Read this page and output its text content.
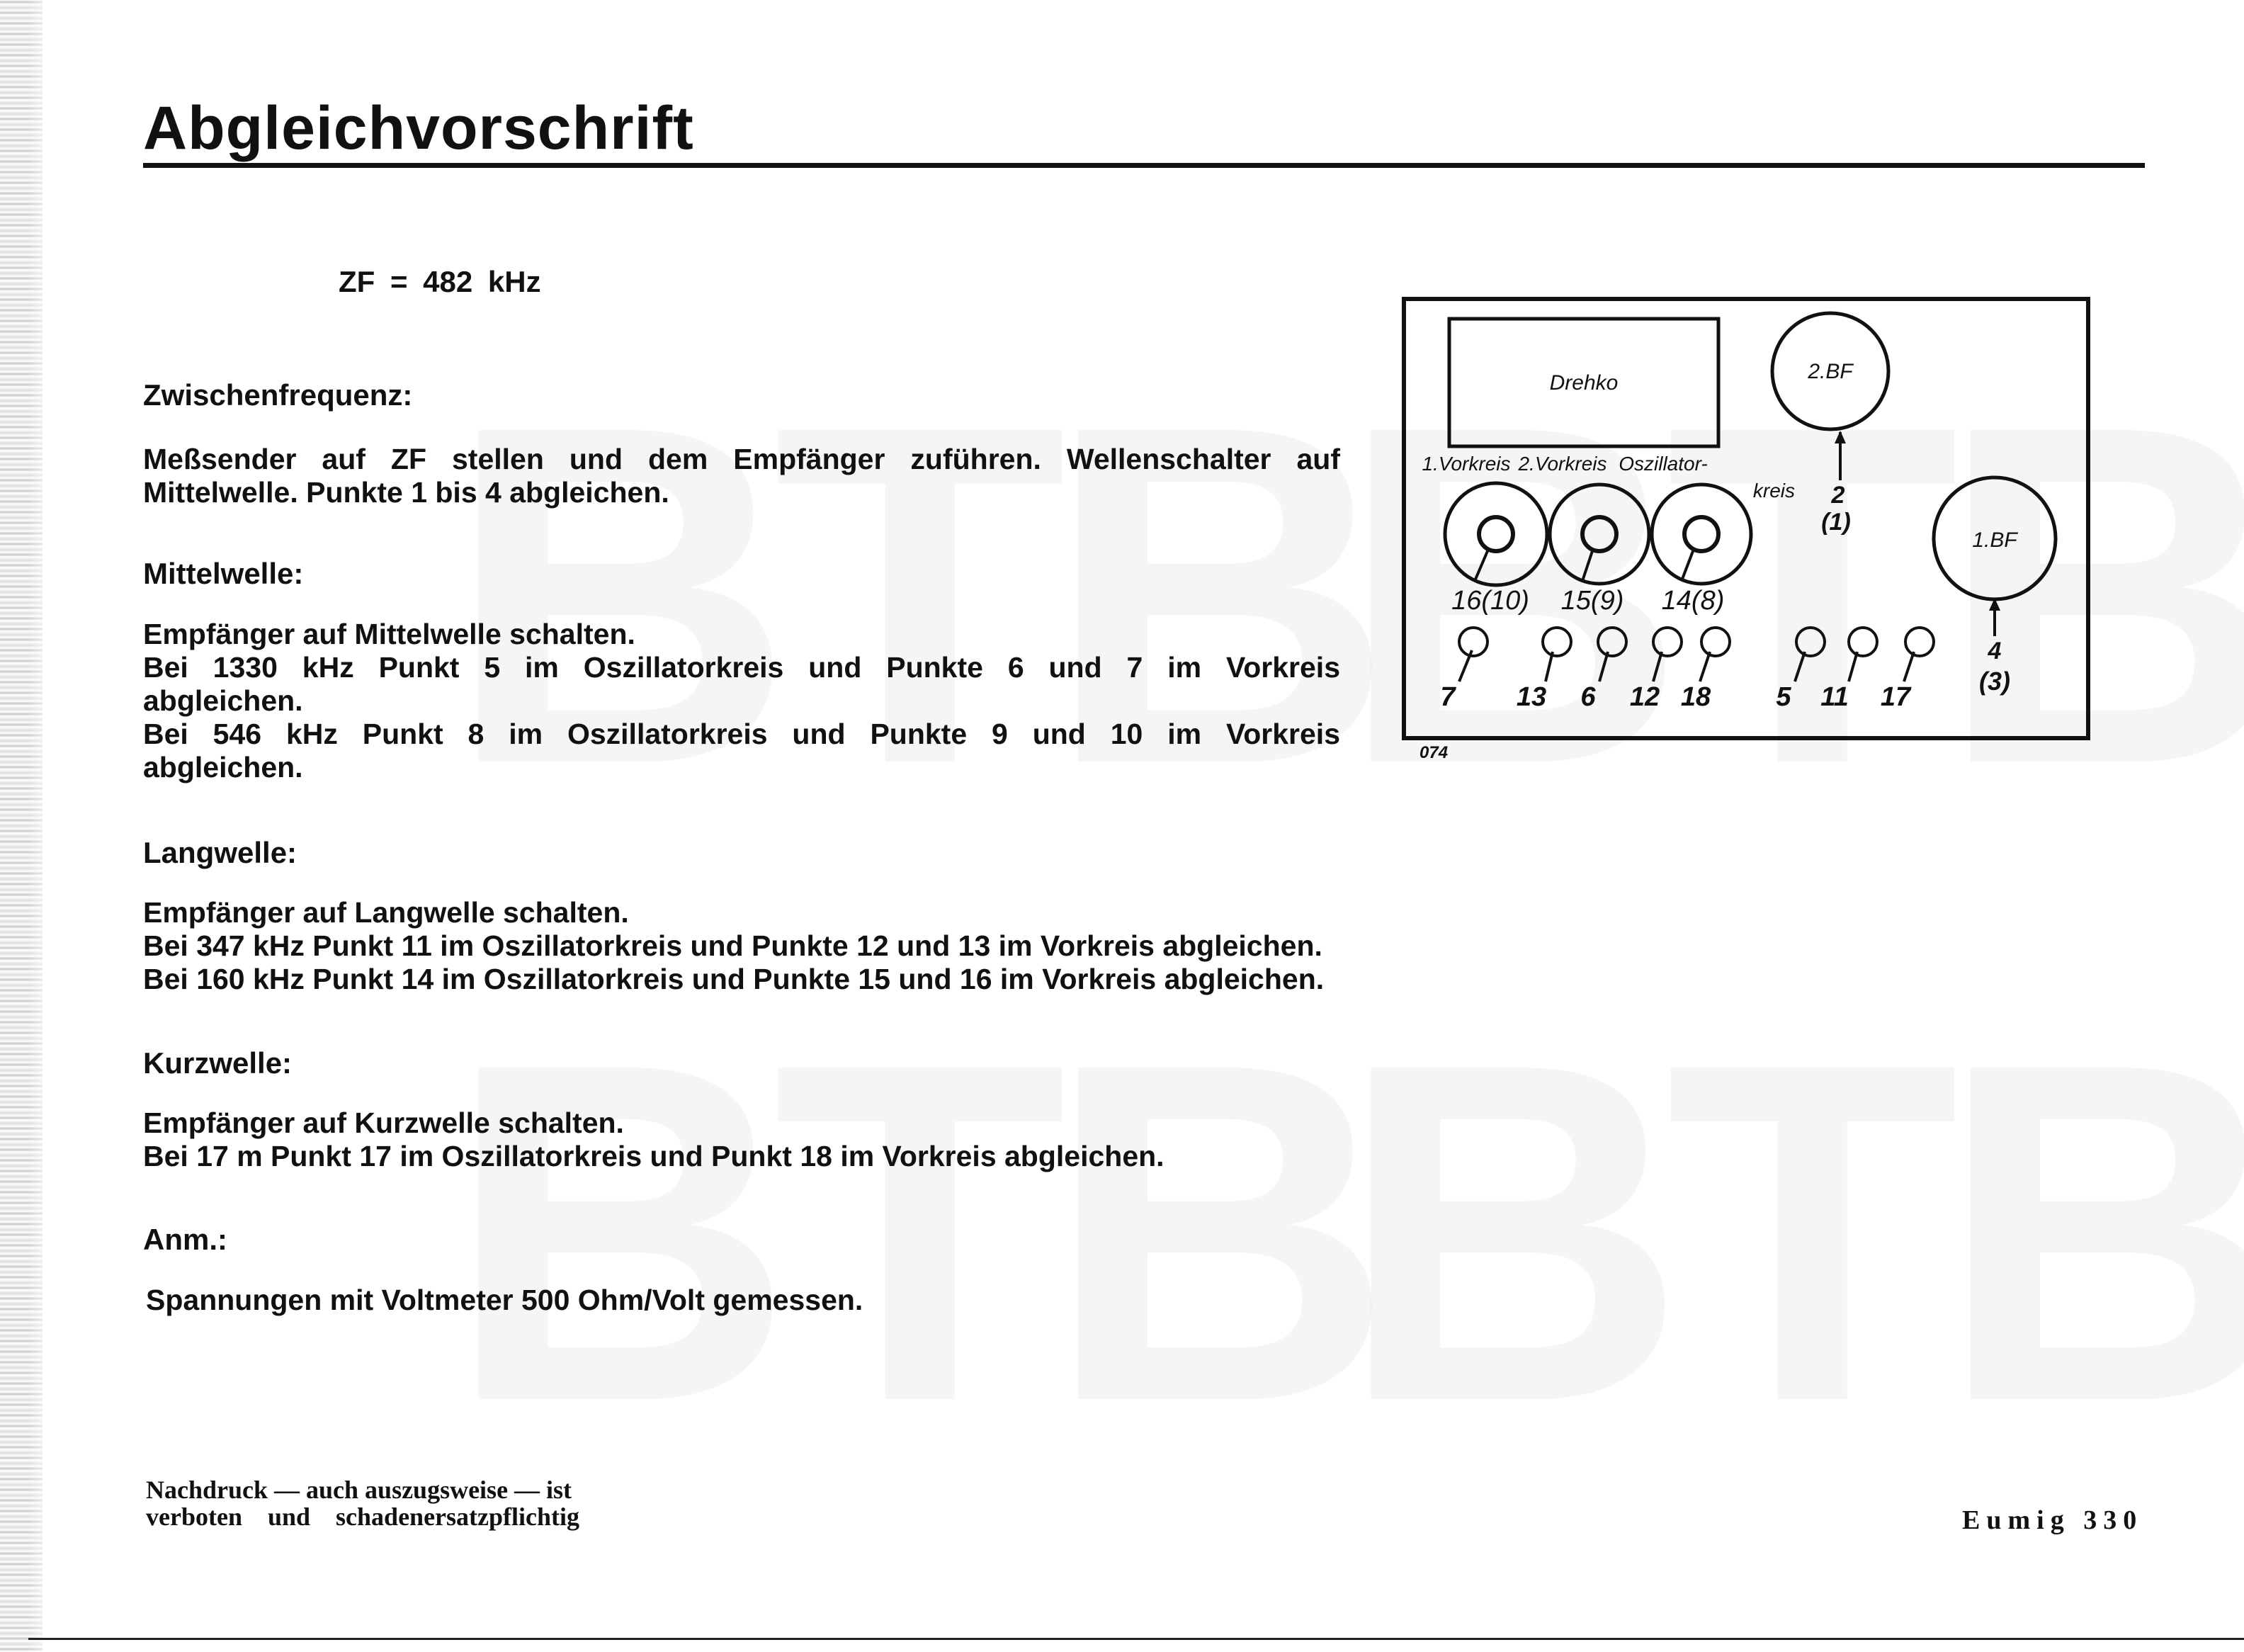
Abgleichvorschrift
ZF = 482 kHz
Zwischenfrequenz:
Meßsender auf ZF stellen und dem Empfänger zuführen. Wellenschalter auf
Mittelwelle. Punkte 1 bis 4 abgleichen.
Mittelwelle:
Empfänger auf Mittelwelle schalten.
Bei 1330 kHz Punkt 5 im Oszillatorkreis und Punkte 6 und 7 im Vorkreis
abgleichen.
Bei 546 kHz Punkt 8 im Oszillatorkreis und Punkte 9 und 10 im Vorkreis
abgleichen.
Langwelle:
Empfänger auf Langwelle schalten.
Bei 347 kHz Punkt 11 im Oszillatorkreis und Punkte 12 und 13 im Vorkreis abgleichen.
Bei 160 kHz Punkt 14 im Oszillatorkreis und Punkte 15 und 16 im Vorkreis abgleichen.
Kurzwelle:
Empfänger auf Kurzwelle schalten.
Bei 17 m Punkt 17 im Oszillatorkreis und Punkt 18 im Vorkreis abgleichen.
Anm.:
Spannungen mit Voltmeter 500 Ohm/Volt gemessen.
Drehko	2.BF
2
(1)
1.BF
4
(3)
1.Vorkreis 2.Vorkreis Oszillator-
kreis
16(10) 15(9) 14(8)
7 13 6 12 18 5 11 17
074
Nachdruck — auch auszugsweise — ist
verboten    und    schadenersatzpflichtig	Eumig 330
